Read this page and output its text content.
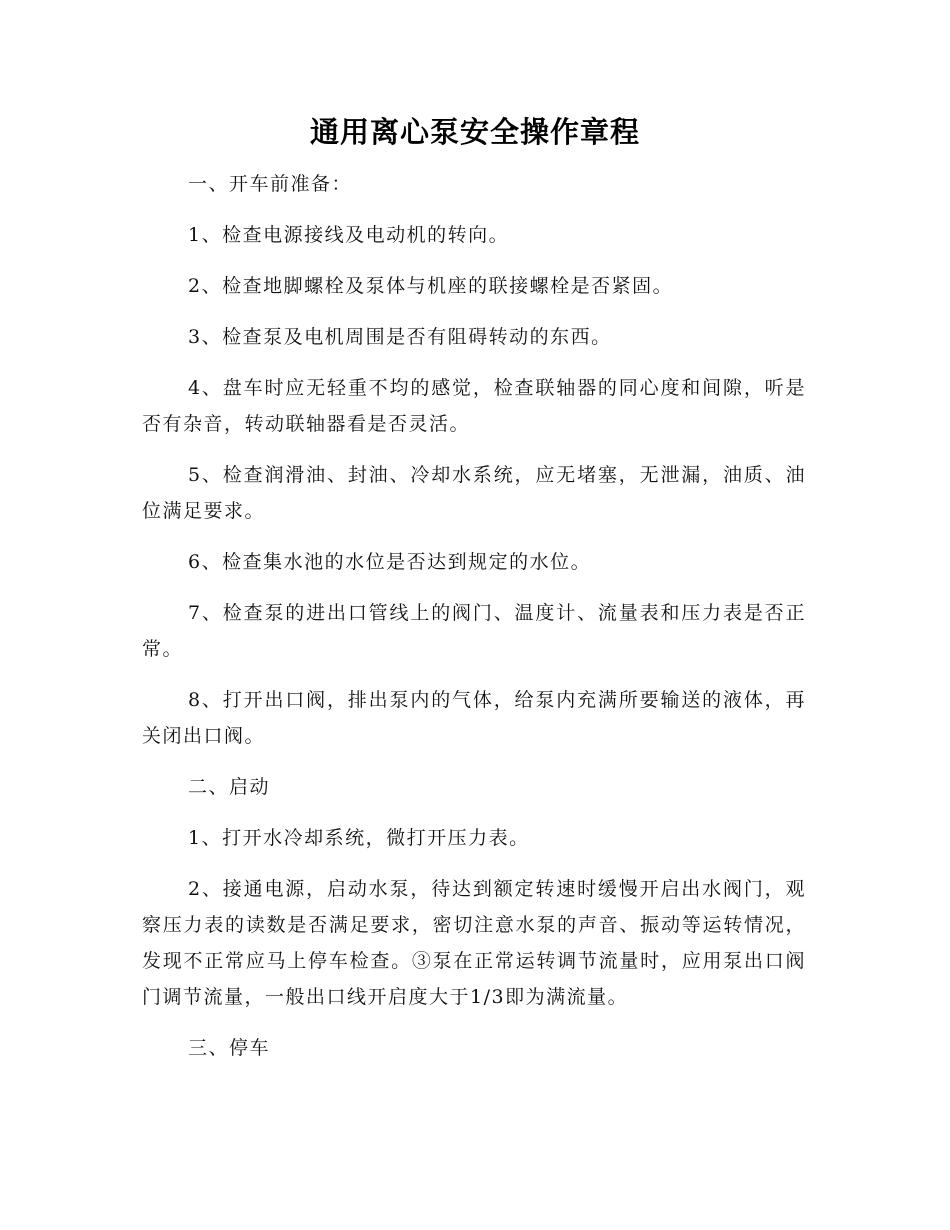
通用离心泵安全操作章程

一、开车前准备：

1、检查电源接线及电动机的转向。

2、检查地脚螺栓及泵体与机座的联接螺栓是否紧固。

3、检查泵及电机周围是否有阻碍转动的东西。

4、盘车时应无轻重不均的感觉，检查联轴器的同心度和间隙，听是否有杂音，转动联轴器看是否灵活。

5、检查润滑油、封油、冷却水系统，应无堵塞，无泄漏，油质、油位满足要求。

6、检查集水池的水位是否达到规定的水位。

7、检查泵的进出口管线上的阀门、温度计、流量表和压力表是否正常。

8、打开出口阀，排出泵内的气体，给泵内充满所要输送的液体，再关闭出口阀。

二、启动

1、打开水冷却系统，微打开压力表。

2、接通电源，启动水泵，待达到额定转速时缓慢开启出水阀门，观察压力表的读数是否满足要求，密切注意水泵的声音、振动等运转情况，发现不正常应马上停车检查。③泵在正常运转调节流量时，应用泵出口阀门调节流量，一般出口线开启度大于1/3即为满流量。

三、停车
